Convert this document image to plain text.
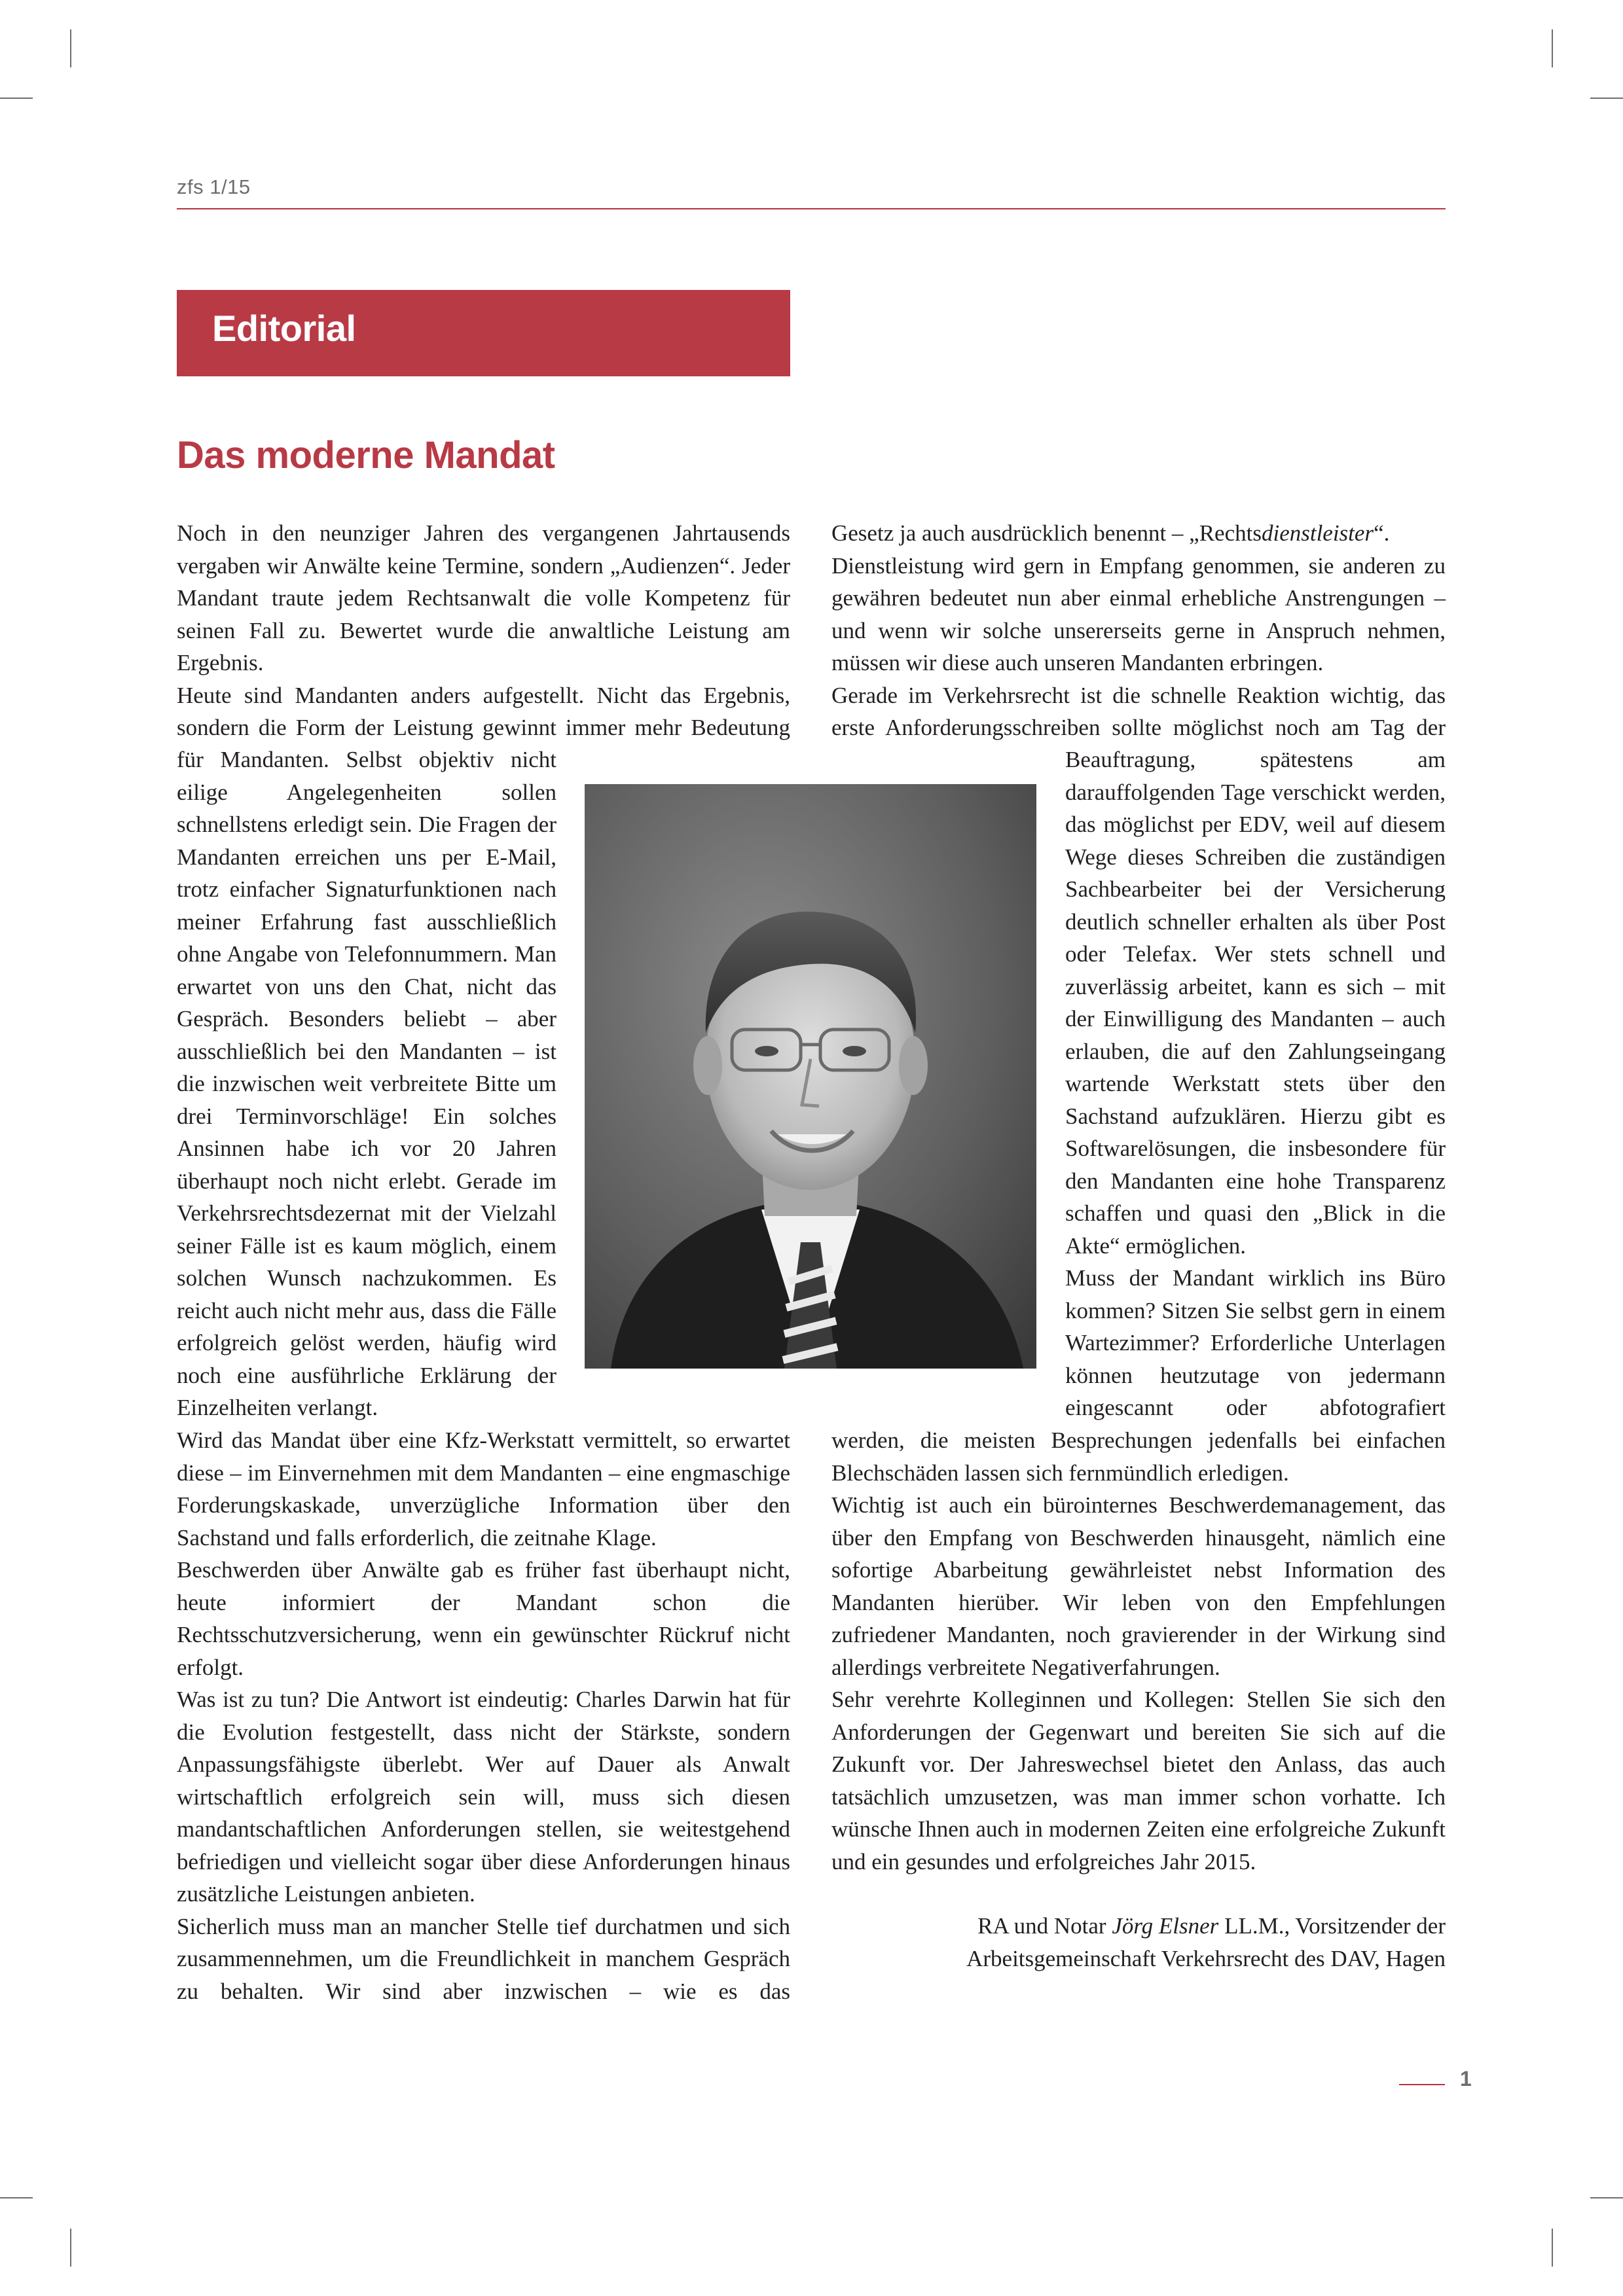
zfs 1/15
Editorial
Das moderne Mandat

Noch in den neunziger Jahren des vergangenen Jahrtausends vergaben wir Anwälte keine Termine, sondern „Audienzen“. Jeder Mandant traute jedem Rechtsanwalt die volle Kompetenz für seinen Fall zu. Bewertet wurde die anwaltliche Leistung am Ergebnis.

Heute sind Mandanten anders aufgestellt. Nicht das Ergebnis, sondern die Form der Leistung gewinnt immer mehr Bedeutung

für Mandanten. Selbst objektiv nicht eilige Angelegenheiten sollen schnellstens erledigt sein. Die Fragen der Mandanten erreichen uns per E-Mail, trotz einfacher Signaturfunktionen nach meiner Erfahrung fast ausschließlich ohne Angabe von Telefonnummern. Man erwartet von uns den Chat, nicht das Gespräch. Besonders beliebt – aber ausschließlich bei den Mandanten – ist die inzwischen weit verbreitete Bitte um drei Terminvorschläge! Ein solches Ansinnen habe ich vor 20 Jahren überhaupt noch nicht erlebt. Gerade im Verkehrsrechtsdezernat mit der Vielzahl seiner Fälle ist es kaum möglich, einem solchen Wunsch nachzukommen. Es reicht auch nicht mehr aus, dass die Fälle erfolgreich gelöst werden, häufig wird noch eine ausführliche Erklärung der Einzelheiten verlangt.

Gesetz ja auch ausdrücklich benennt – „Rechtsdienstleister“.

Dienstleistung wird gern in Empfang genommen, sie anderen zu gewähren bedeutet nun aber einmal erhebliche Anstrengungen – und wenn wir solche unsererseits gerne in Anspruch nehmen, müssen wir diese auch unseren Mandanten erbringen.

Gerade im Verkehrsrecht ist die schnelle Reaktion wichtig, das erste Anforderungsschreiben sollte möglichst noch am Tag der

Beauftragung, spätestens am darauffolgenden Tage verschickt werden, das möglichst per EDV, weil auf diesem Wege dieses Schreiben die zuständigen Sachbearbeiter bei der Versicherung deutlich schneller erhalten als über Post oder Telefax. Wer stets schnell und zuverlässig arbeitet, kann es sich – mit der Einwilligung des Mandanten – auch erlauben, die auf den Zahlungseingang wartende Werkstatt stets über den Sachstand aufzuklären. Hierzu gibt es Softwarelösungen, die insbesondere für den Mandanten eine hohe Transparenz schaffen und quasi den „Blick in die Akte“ ermöglichen.

Muss der Mandant wirklich ins Büro kommen? Sitzen Sie selbst gern in einem Wartezimmer? Erforderliche Unterlagen können heutzutage von jedermann eingescannt oder abfotografiert

Wird das Mandat über eine Kfz-Werkstatt vermittelt, so erwartet diese – im Einvernehmen mit dem Mandanten – eine engmaschige Forderungskaskade, unverzügliche Information über den Sachstand und falls erforderlich, die zeitnahe Klage.

Beschwerden über Anwälte gab es früher fast überhaupt nicht, heute informiert der Mandant schon die Rechtsschutzversicherung, wenn ein gewünschter Rückruf nicht erfolgt.

Was ist zu tun? Die Antwort ist eindeutig: Charles Darwin hat für die Evolution festgestellt, dass nicht der Stärkste, sondern Anpassungsfähigste überlebt. Wer auf Dauer als Anwalt wirtschaftlich erfolgreich sein will, muss sich diesen mandantschaftlichen Anforderungen stellen, sie weitestgehend befriedigen und vielleicht sogar über diese Anforderungen hinaus zusätzliche Leistungen anbieten.

Sicherlich muss man an mancher Stelle tief durchatmen und sich zusammennehmen, um die Freundlichkeit in manchem Gespräch zu behalten. Wir sind aber inzwischen – wie es das

werden, die meisten Besprechungen jedenfalls bei einfachen Blechschäden lassen sich fernmündlich erledigen.

Wichtig ist auch ein bürointernes Beschwerdemanagement, das über den Empfang von Beschwerden hinausgeht, nämlich eine sofortige Abarbeitung gewährleistet nebst Information des Mandanten hierüber. Wir leben von den Empfehlungen zufriedener Mandanten, noch gravierender in der Wirkung sind allerdings verbreitete Negativerfahrungen.

Sehr verehrte Kolleginnen und Kollegen: Stellen Sie sich den Anforderungen der Gegenwart und bereiten Sie sich auf die Zukunft vor. Der Jahreswechsel bietet den Anlass, das auch tatsächlich umzusetzen, was man immer schon vorhatte. Ich wünsche Ihnen auch in modernen Zeiten eine erfolgreiche Zukunft und ein gesundes und erfolgreiches Jahr 2015.

RA und Notar Jörg Elsner LL.M., Vorsitzender der
Arbeitsgemeinschaft Verkehrsrecht des DAV, Hagen
1
